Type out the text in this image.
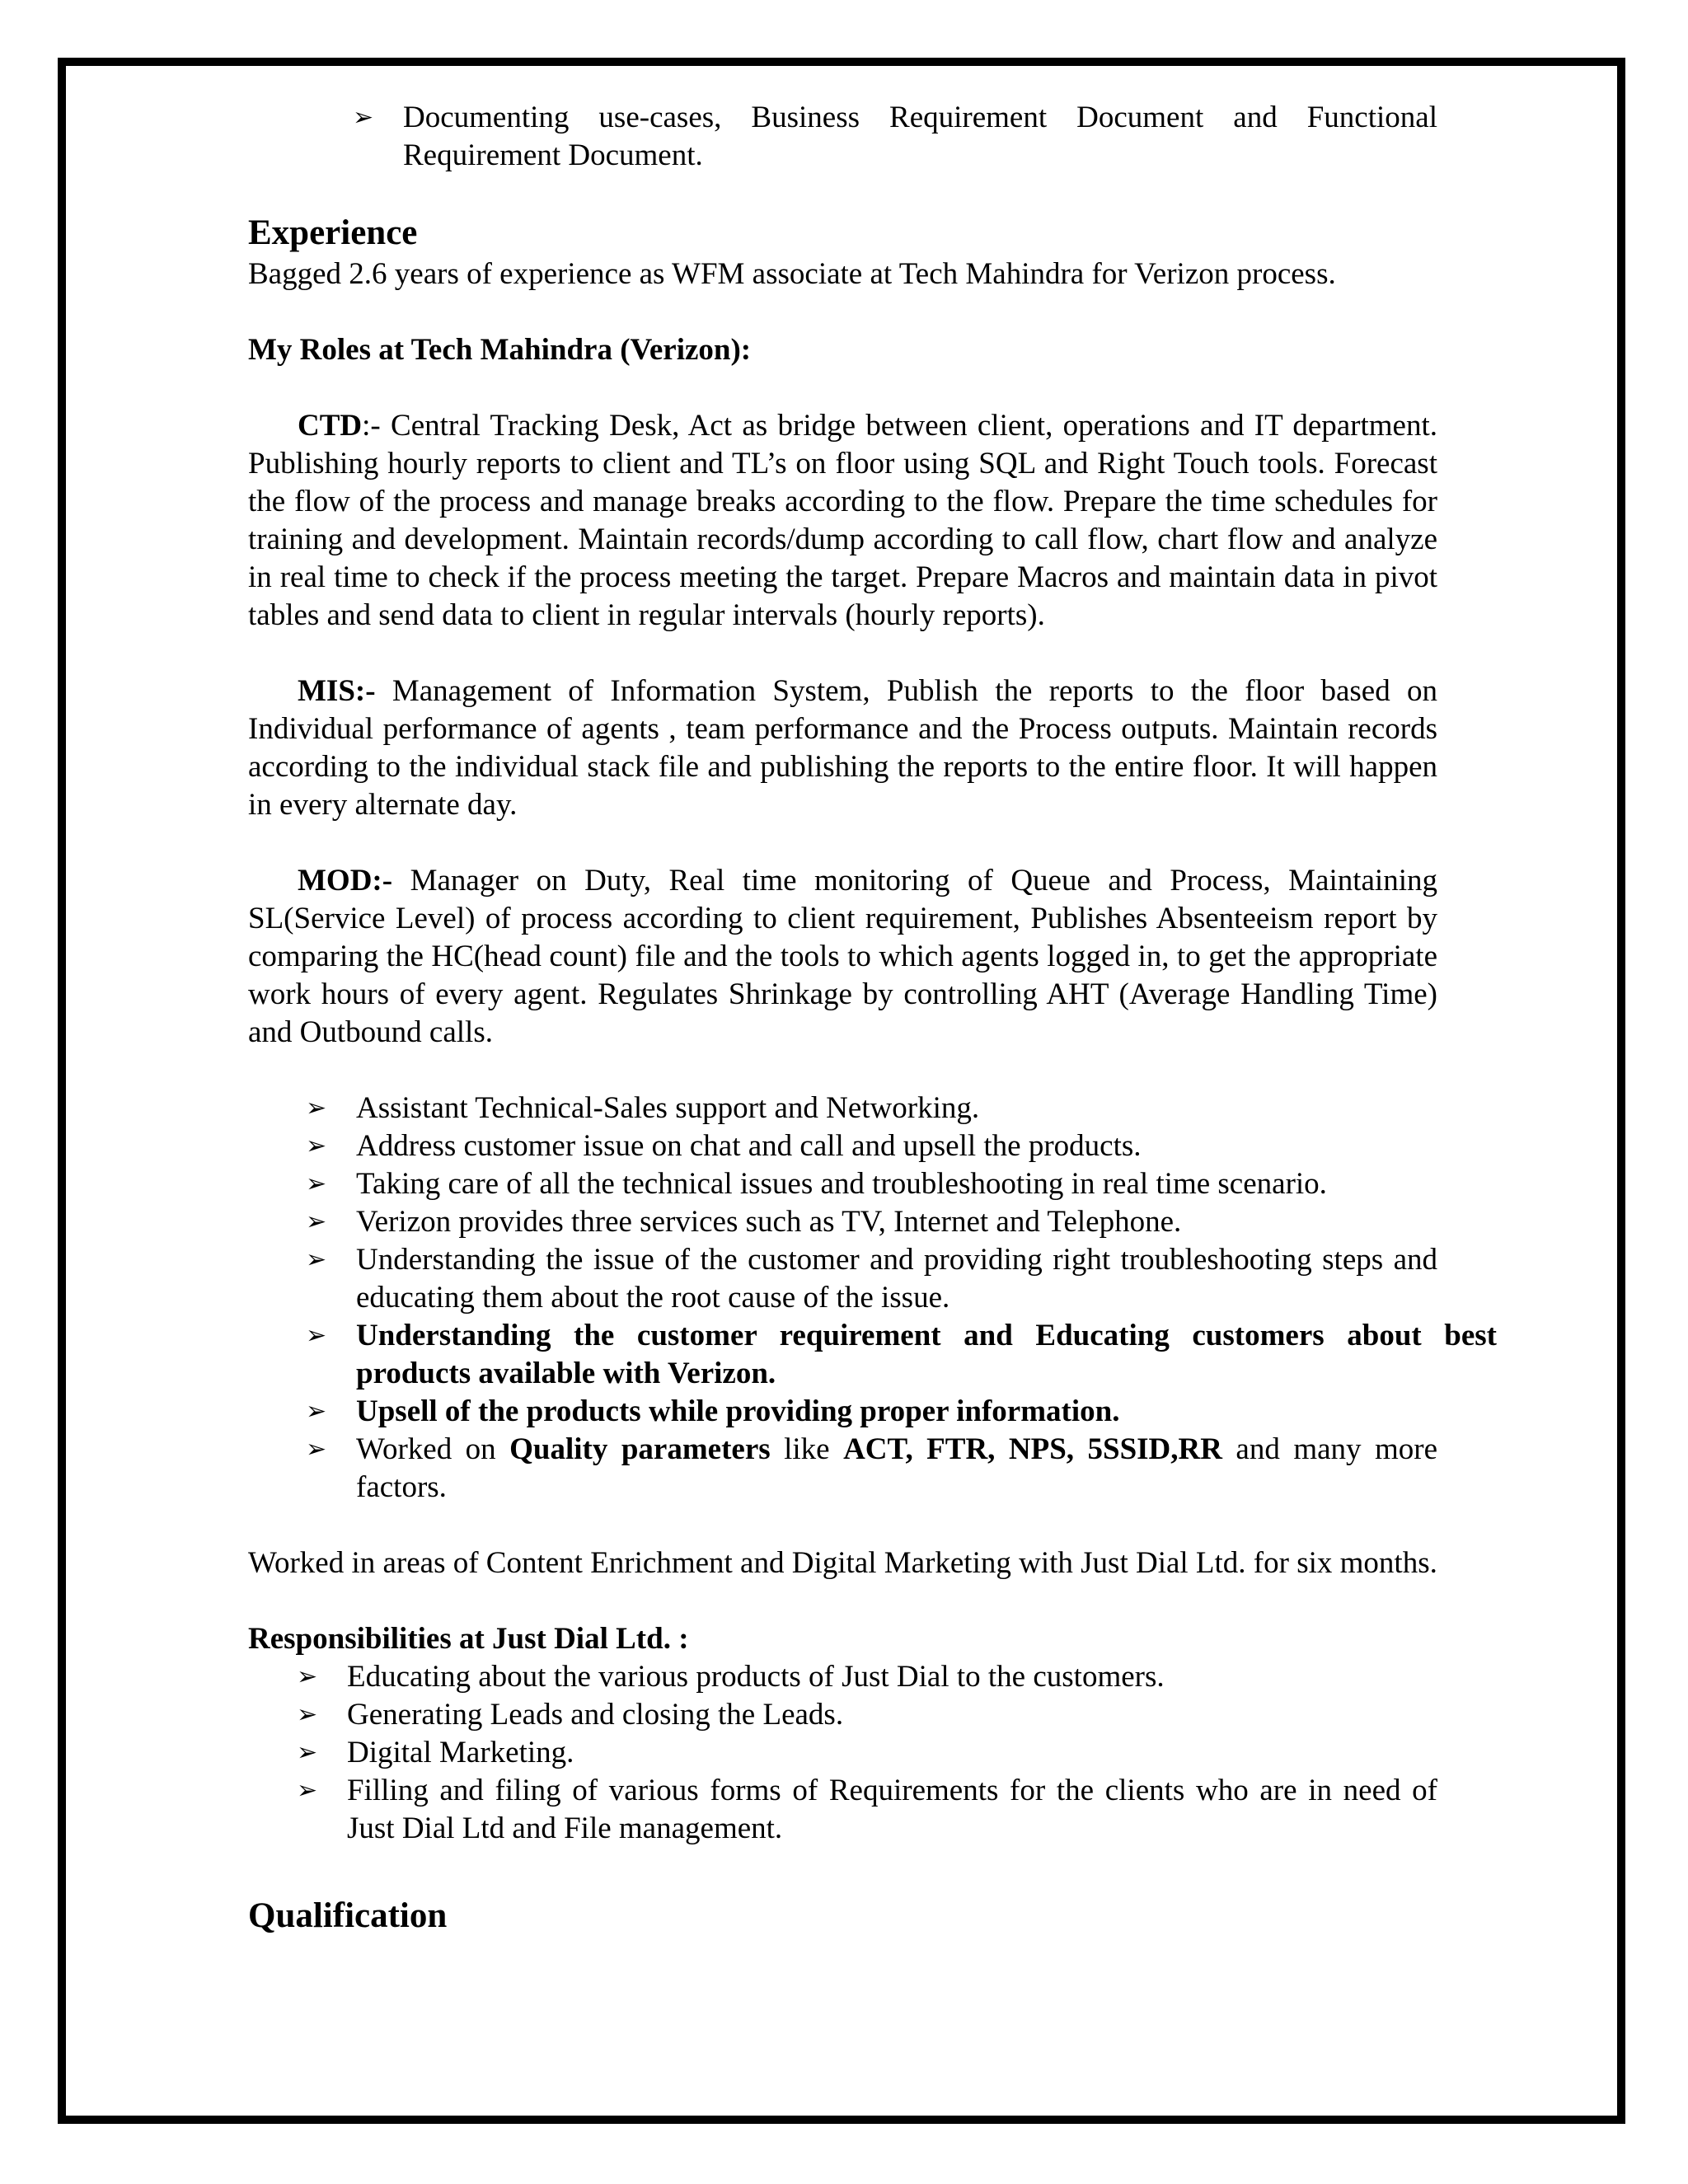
➢ Documenting use-cases, Business Requirement Document and Functional Requirement Document.
Experience

Bagged 2.6 years of experience as WFM associate at Tech Mahindra for Verizon process.

My Roles at Tech Mahindra (Verizon):

CTD:- Central Tracking Desk, Act as bridge between client, operations and IT department. Publishing hourly reports to client and TL’s on floor using SQL and Right Touch tools. Forecast the flow of the process and manage breaks according to the flow. Prepare the time schedules for training and development. Maintain records/dump according to call flow, chart flow and analyze in real time to check if the process meeting the target. Prepare Macros and maintain data in pivot tables and send data to client in regular intervals (hourly reports).

MIS:- Management of Information System, Publish the reports to the floor based on Individual performance of agents , team performance and the Process outputs. Maintain records according to the individual stack file and publishing the reports to the entire floor. It will happen in every alternate day.

MOD:- Manager on Duty, Real time monitoring of Queue and Process, Maintaining SL(Service Level) of process according to client requirement, Publishes Absenteeism report by comparing the HC(head count) file and the tools to which agents logged in, to get the appropriate work hours of every agent. Regulates Shrinkage by controlling AHT (Average Handling Time) and Outbound calls.

➢ Assistant Technical-Sales support and Networking.
➢ Address customer issue on chat and call and upsell the products.
➢ Taking care of all the technical issues and troubleshooting in real time scenario.
➢ Verizon provides three services such as TV, Internet and Telephone.
➢ Understanding the issue of the customer and providing right troubleshooting steps and educating them about the root cause of the issue.
➢ Understanding the customer requirement and Educating customers about best products available with Verizon.
➢ Upsell of the products while providing proper information.
➢ Worked on Quality parameters like ACT, FTR, NPS, 5SSID,RR and many more factors.

Worked in areas of Content Enrichment and Digital Marketing with Just Dial Ltd. for six months.

Responsibilities at Just Dial Ltd. :

➢ Educating about the various products of Just Dial to the customers.
➢ Generating Leads and closing the Leads.
➢ Digital Marketing.
➢ Filling and filing of various forms of Requirements for the clients who are in need of Just Dial Ltd and File management.
Qualification
